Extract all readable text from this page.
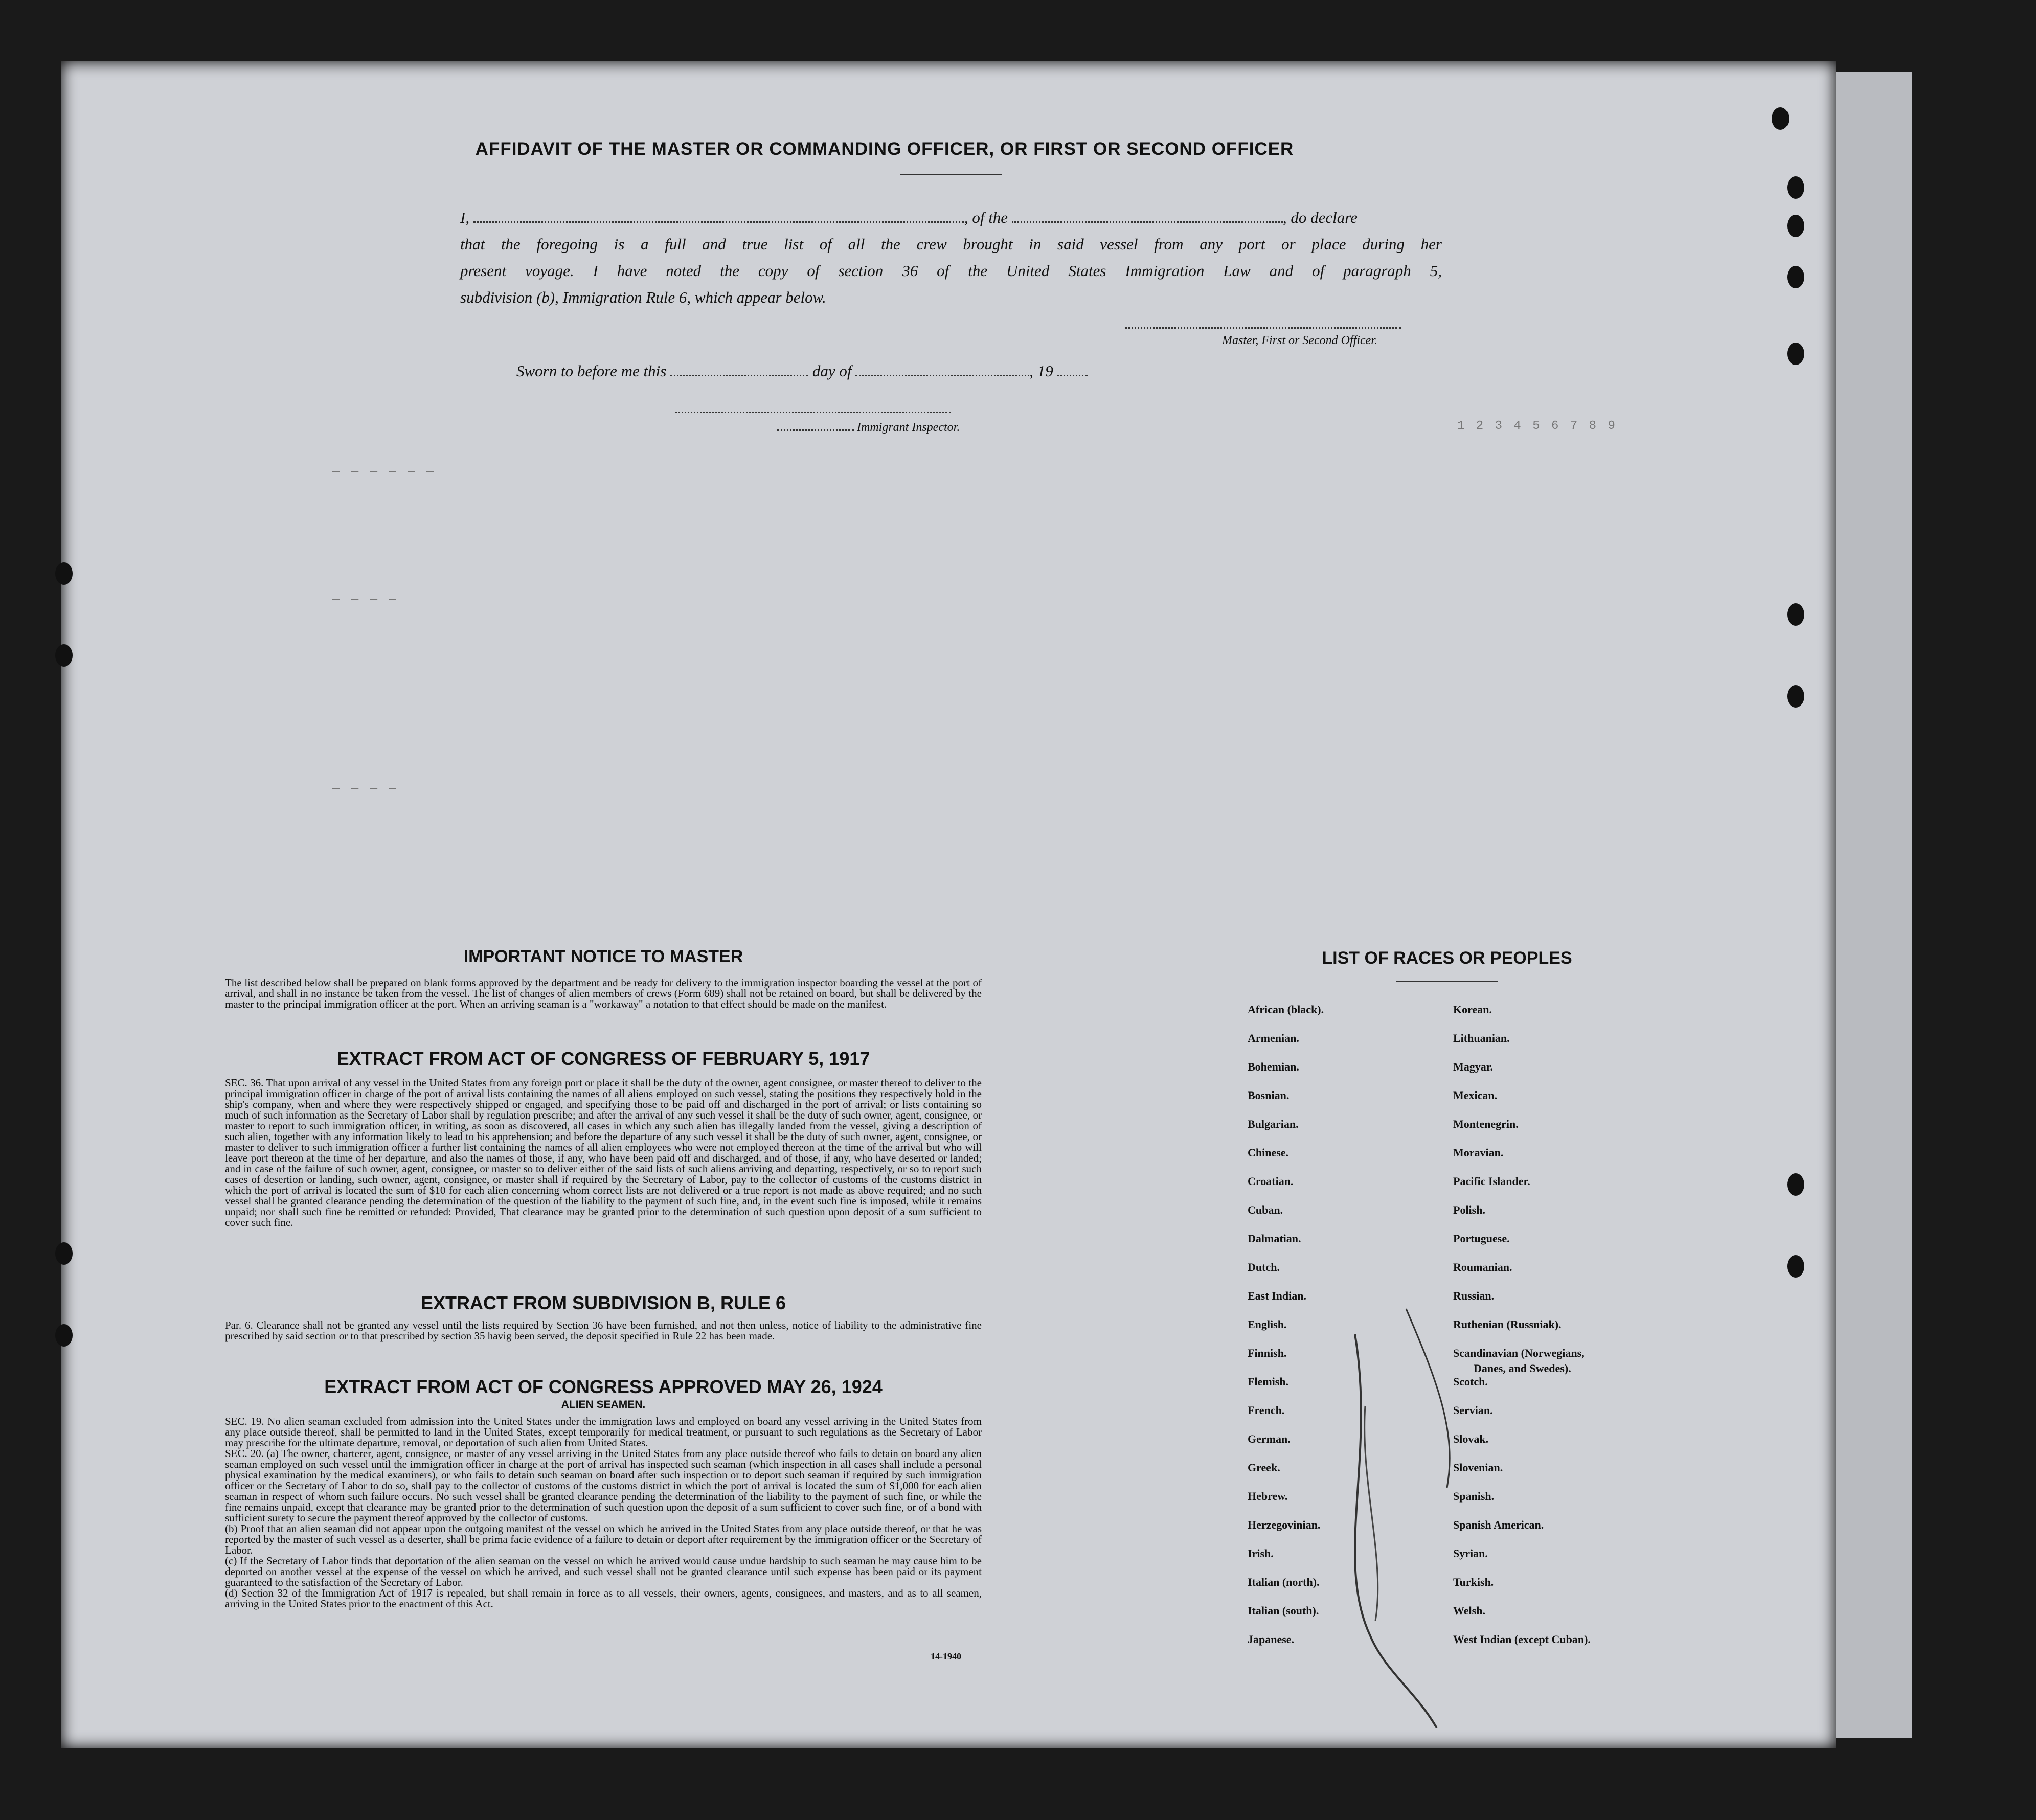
— — — — — —
— — — —
— — — —
1 2 3 4 5 6 7 8 9
AFFIDAVIT OF THE MASTER OR COMMANDING OFFICER, OR FIRST OR SECOND OFFICER
I,	, of the	, do declare
that the foregoing is a full and true list of all the crew brought in said vessel from any port or place during her
present voyage. I have noted the copy of section 36 of the United States Immigration Law and of paragraph 5,
subdivision (b), Immigration Rule 6, which appear below.
Master, First or Second Officer.
Sworn to before me this	day of	, 19
Immigrant Inspector.
IMPORTANT NOTICE TO MASTER
The list described below shall be prepared on blank forms approved by the department and be ready for delivery to the immigration inspector boarding the vessel at the port of arrival, and shall in no instance be taken from the vessel. The list of changes of alien members of crews (Form 689) shall not be retained on board, but shall be delivered by the master to the principal immigration officer at the port. When an arriving seaman is a "workaway" a notation to that effect should be made on the manifest.
EXTRACT FROM ACT OF CONGRESS OF FEBRUARY 5, 1917
SEC. 36. That upon arrival of any vessel in the United States from any foreign port or place it shall be the duty of the owner, agent consignee, or master thereof to deliver to the principal immigration officer in charge of the port of arrival lists containing the names of all aliens employed on such vessel, stating the positions they respectively hold in the ship's company, when and where they were respectively shipped or engaged, and specifying those to be paid off and discharged in the port of arrival; or lists containing so much of such information as the Secretary of Labor shall by regulation prescribe; and after the arrival of any such vessel it shall be the duty of such owner, agent, consignee, or master to report to such immigration officer, in writing, as soon as discovered, all cases in which any such alien has illegally landed from the vessel, giving a description of such alien, together with any information likely to lead to his apprehension; and before the departure of any such vessel it shall be the duty of such owner, agent, consignee, or master to deliver to such immigration officer a further list containing the names of all alien employees who were not employed thereon at the time of the arrival but who will leave port thereon at the time of her departure, and also the names of those, if any, who have been paid off and discharged, and of those, if any, who have deserted or landed; and in case of the failure of such owner, agent, consignee, or master so to deliver either of the said lists of such aliens arriving and departing, respectively, or so to report such cases of desertion or landing, such owner, agent, consignee, or master shall if required by the Secretary of Labor, pay to the collector of customs of the customs district in which the port of arrival is located the sum of $10 for each alien concerning whom correct lists are not delivered or a true report is not made as above required; and no such vessel shall be granted clearance pending the determination of the question of the liability to the payment of such fine, and, in the event such fine is imposed, while it remains unpaid; nor shall such fine be remitted or refunded: Provided, That clearance may be granted prior to the determination of such question upon deposit of a sum sufficient to cover such fine.
EXTRACT FROM SUBDIVISION B, RULE 6
Par. 6. Clearance shall not be granted any vessel until the lists required by Section 36 have been furnished, and not then unless, notice of liability to the administrative fine prescribed by said section or to that prescribed by section 35 havig been served, the deposit specified in Rule 22 has been made.
EXTRACT FROM ACT OF CONGRESS APPROVED MAY 26, 1924
ALIEN SEAMEN.
SEC. 19. No alien seaman excluded from admission into the United States under the immigration laws and employed on board any vessel arriving in the United States from any place outside thereof, shall be permitted to land in the United States, except temporarily for medical treatment, or pursuant to such regulations as the Secretary of Labor may prescribe for the ultimate departure, removal, or deportation of such alien from United States.
SEC. 20. (a) The owner, charterer, agent, consignee, or master of any vessel arriving in the United States from any place outside thereof who fails to detain on board any alien seaman employed on such vessel until the immigration officer in charge at the port of arrival has inspected such seaman (which inspection in all cases shall include a personal physical examination by the medical examiners), or who fails to detain such seaman on board after such inspection or to deport such seaman if required by such immigration officer or the Secretary of Labor to do so, shall pay to the collector of customs of the customs district in which the port of arrival is located the sum of $1,000 for each alien seaman in respect of whom such failure occurs. No such vessel shall be granted clearance pending the determination of the liability to the payment of such fine, or while the fine remains unpaid, except that clearance may be granted prior to the determination of such question upon the deposit of a sum sufficient to cover such fine, or of a bond with sufficient surety to secure the payment thereof approved by the collector of customs.
(b) Proof that an alien seaman did not appear upon the outgoing manifest of the vessel on which he arrived in the United States from any place outside thereof, or that he was reported by the master of such vessel as a deserter, shall be prima facie evidence of a failure to detain or deport after requirement by the immigration officer or the Secretary of Labor.
(c) If the Secretary of Labor finds that deportation of the alien seaman on the vessel on which he arrived would cause undue hardship to such seaman he may cause him to be deported on another vessel at the expense of the vessel on which he arrived, and such vessel shall not be granted clearance until such expense has been paid or its payment guaranteed to the satisfaction of the Secretary of Labor.
(d) Section 32 of the Immigration Act of 1917 is repealed, but shall remain in force as to all vessels, their owners, agents, consignees, and masters, and as to all seamen, arriving in the United States prior to the enactment of this Act.
14-1940
LIST OF RACES OR PEOPLES
African (black).
Armenian.
Bohemian.
Bosnian.
Bulgarian.
Chinese.
Croatian.
Cuban.
Dalmatian.
Dutch.
East Indian.
English.
Finnish.
Flemish.
French.
German.
Greek.
Hebrew.
Herzegovinian.
Irish.
Italian (north).
Italian (south).
Japanese.
Korean.
Lithuanian.
Magyar.
Mexican.
Montenegrin.
Moravian.
Pacific Islander.
Polish.
Portuguese.
Roumanian.
Russian.
Ruthenian (Russniak).
Scandinavian (Norwegians,
Danes, and Swedes).
Scotch.
Servian.
Slovak.
Slovenian.
Spanish.
Spanish American.
Syrian.
Turkish.
Welsh.
West Indian (except Cuban).
